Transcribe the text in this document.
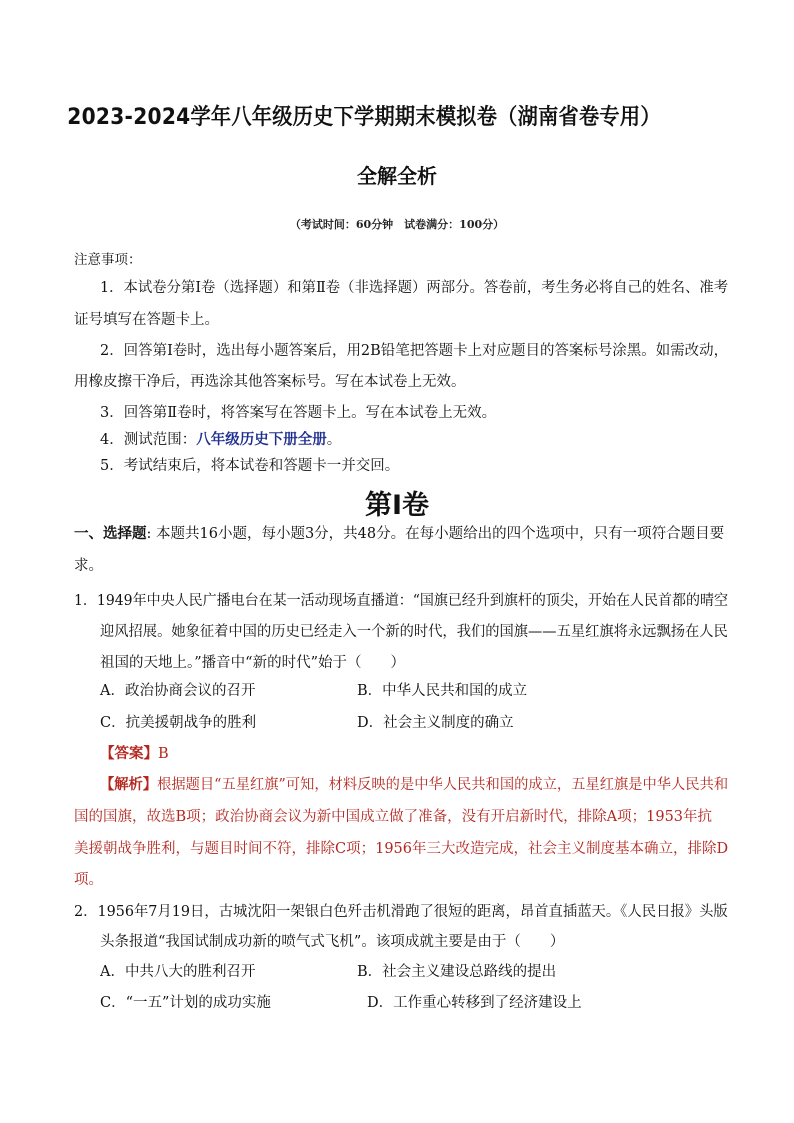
2023-2024学年八年级历史下学期期末模拟卷（湖南省卷专用）
全解全析
（考试时间：60分钟　试卷满分：100分）
注意事项：
1．本试卷分第Ⅰ卷（选择题）和第Ⅱ卷（非选择题）两部分。答卷前，考生务必将自己的姓名、准考
证号填写在答题卡上。
2．回答第Ⅰ卷时，选出每小题答案后，用2B铅笔把答题卡上对应题目的答案标号涂黑。如需改动，
用橡皮擦干净后，再选涂其他答案标号。写在本试卷上无效。
3．回答第Ⅱ卷时，将答案写在答题卡上。写在本试卷上无效。
4．测试范围：八年级历史下册全册。
5．考试结束后，将本试卷和答题卡一并交回。
第Ⅰ卷
一、选择题: 本题共16小题，每小题3分，共48分。在每小题给出的四个选项中，只有一项符合题目要
求。
1．1949年中央人民广播电台在某一活动现场直播道：“国旗已经升到旗杆的顶尖，开始在人民首都的晴空
迎风招展。她象征着中国的历史已经走入一个新的时代，我们的国旗——五星红旗将永远飘扬在人民
祖国的天地上。”播音中“新的时代”始于（　　）
A．政治协商会议的召开	B．中华人民共和国的成立
C．抗美援朝战争的胜利	D．社会主义制度的确立
【答案】B
【解析】根据题目“五星红旗”可知，材料反映的是中华人民共和国的成立，五星红旗是中华人民共和
国的国旗，故选B项；政治协商会议为新中国成立做了准备，没有开启新时代，排除A项；1953年抗
美援朝战争胜利，与题目时间不符，排除C项；1956年三大改造完成，社会主义制度基本确立，排除D
项。
2．1956年7月19日，古城沈阳一架银白色歼击机滑跑了很短的距离，昂首直插蓝天。《人民日报》头版
头条报道“我国试制成功新的喷气式飞机”。该项成就主要是由于（　　）
A．中共八大的胜利召开	B．社会主义建设总路线的提出
C．“一五”计划的成功实施	D．工作重心转移到了经济建设上
